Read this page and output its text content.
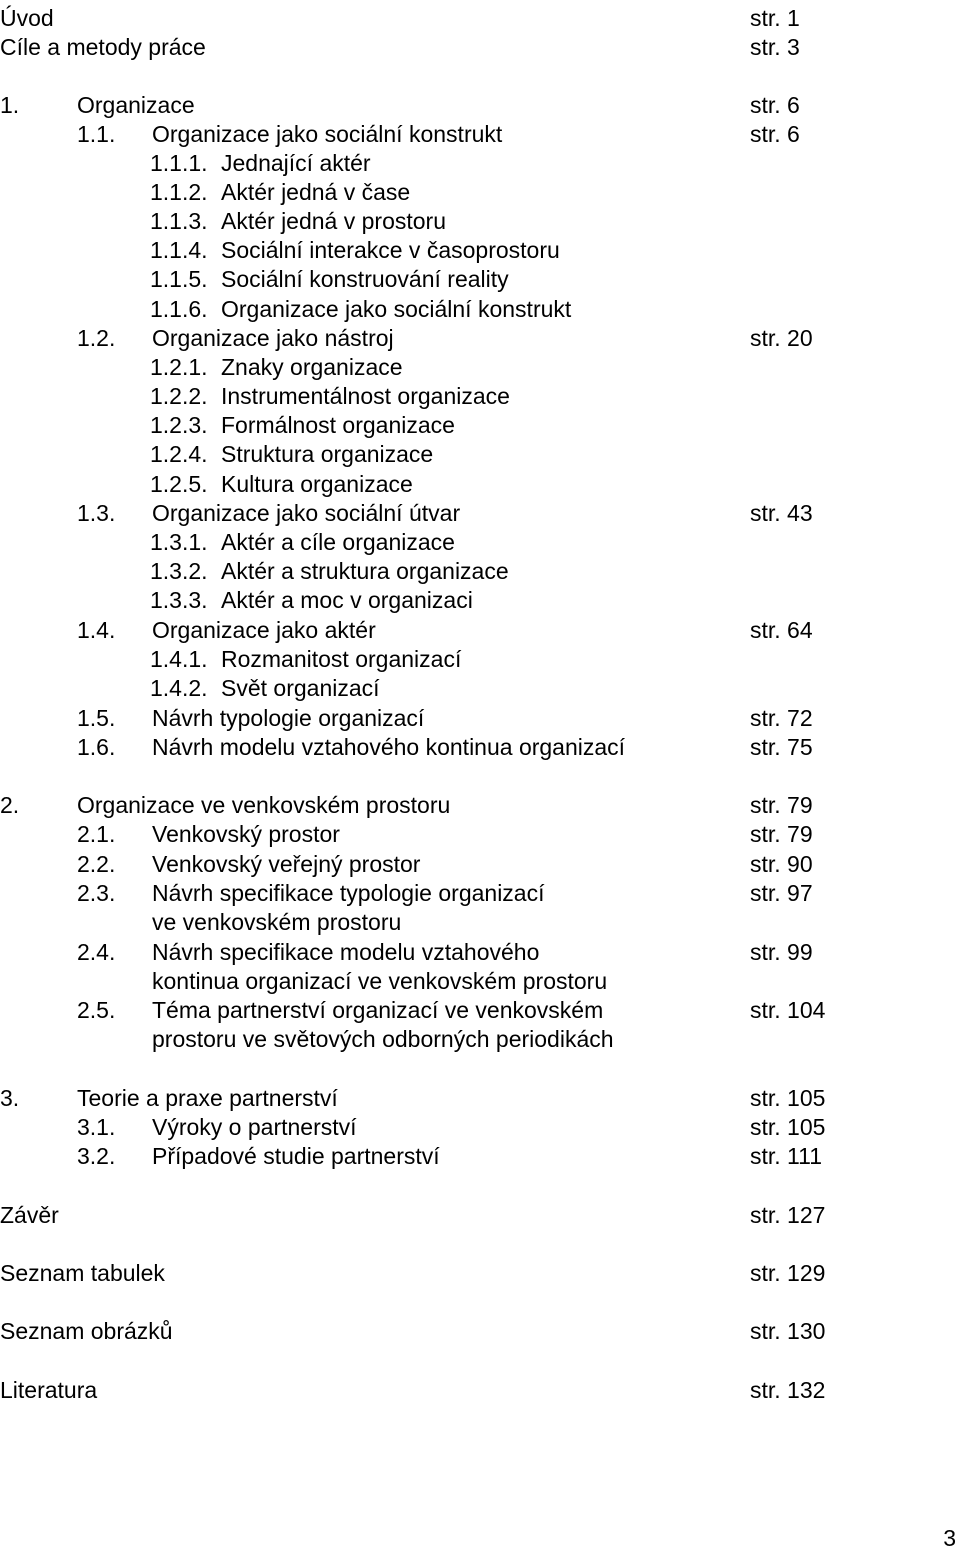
Úvod	str. 1
Cíle a metody práce	str. 3
1.	Organizace	str. 6
1.1. Organizace jako sociální konstrukt	str. 6
1.1.1. Jednající aktér
1.1.2. Aktér jedná v čase
1.1.3. Aktér jedná v prostoru
1.1.4. Sociální interakce v časoprostoru
1.1.5. Sociální konstruování reality
1.1.6. Organizace jako sociální konstrukt
1.2. Organizace jako nástroj	str. 20
1.2.1. Znaky organizace
1.2.2. Instrumentálnost organizace
1.2.3. Formálnost organizace
1.2.4. Struktura organizace
1.2.5. Kultura organizace
1.3. Organizace jako sociální útvar	str. 43
1.3.1. Aktér a cíle organizace
1.3.2. Aktér a struktura organizace
1.3.3. Aktér a moc v organizaci
1.4. Organizace jako aktér	str. 64
1.4.1. Rozmanitost organizací
1.4.2. Svět organizací
1.5. Návrh typologie organizací	str. 72
1.6. Návrh modelu vztahového kontinua organizací	str. 75
2.	Organizace ve venkovském prostoru	str. 79
2.1. Venkovský prostor	str. 79
2.2. Venkovský veřejný prostor	str. 90
2.3. Návrh specifikace typologie organizací	str. 97
ve venkovském prostoru
2.4. Návrh specifikace modelu vztahového	str. 99
kontinua organizací ve venkovském prostoru
2.5. Téma partnerství organizací ve venkovském	str. 104
prostoru ve světových odborných periodikách
3.	Teorie a praxe partnerství	str. 105
3.1. Výroky o partnerství	str. 105
3.2. Případové studie partnerství	str. 111
Závěr	str. 127
Seznam tabulek	str. 129
Seznam obrázků	str. 130
Literatura	str. 132
3
